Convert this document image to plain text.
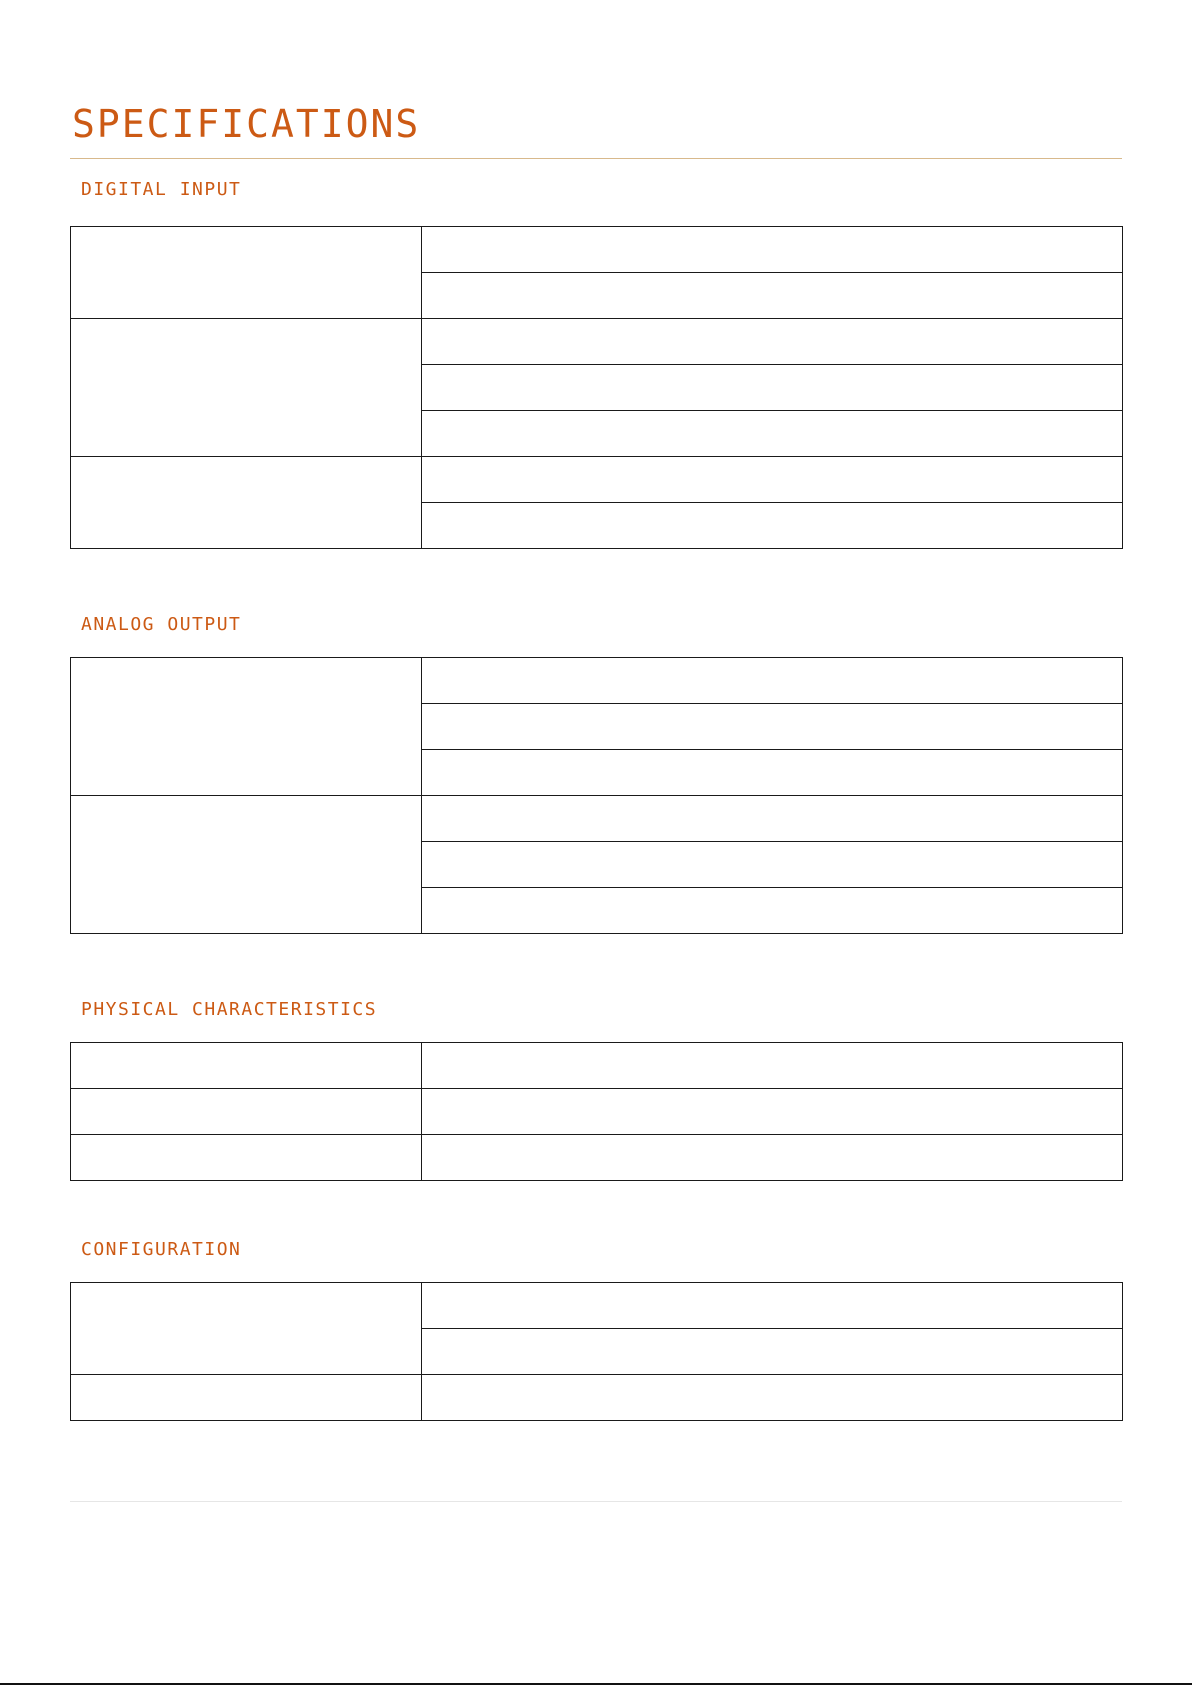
SPECIFICATIONS
DIGITAL INPUT

ANALOG OUTPUT

PHYSICAL CHARACTERISTICS

CONFIGURATION
